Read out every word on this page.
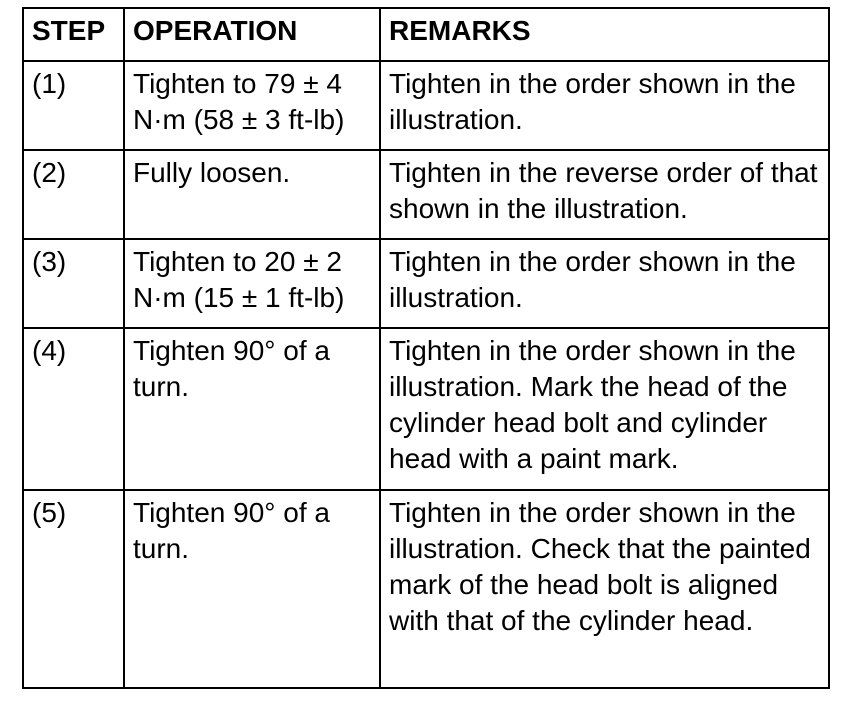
STEP	OPERATION	REMARKS
(1)	Tighten to 79 ± 4 N·m (58 ± 3 ft-lb)	Tighten in the order shown in the illustration.
(2)	Fully loosen.	Tighten in the reverse order of that shown in the illustration.
(3)	Tighten to 20 ± 2 N·m (15 ± 1 ft-lb)	Tighten in the order shown in the illustration.
(4)	Tighten 90° of a turn.	Tighten in the order shown in the illustration. Mark the head of the cylinder head bolt and cylinder head with a paint mark.
(5)	Tighten 90° of a turn.	Tighten in the order shown in the illustration. Check that the painted mark of the head bolt is aligned with that of the cylinder head.
